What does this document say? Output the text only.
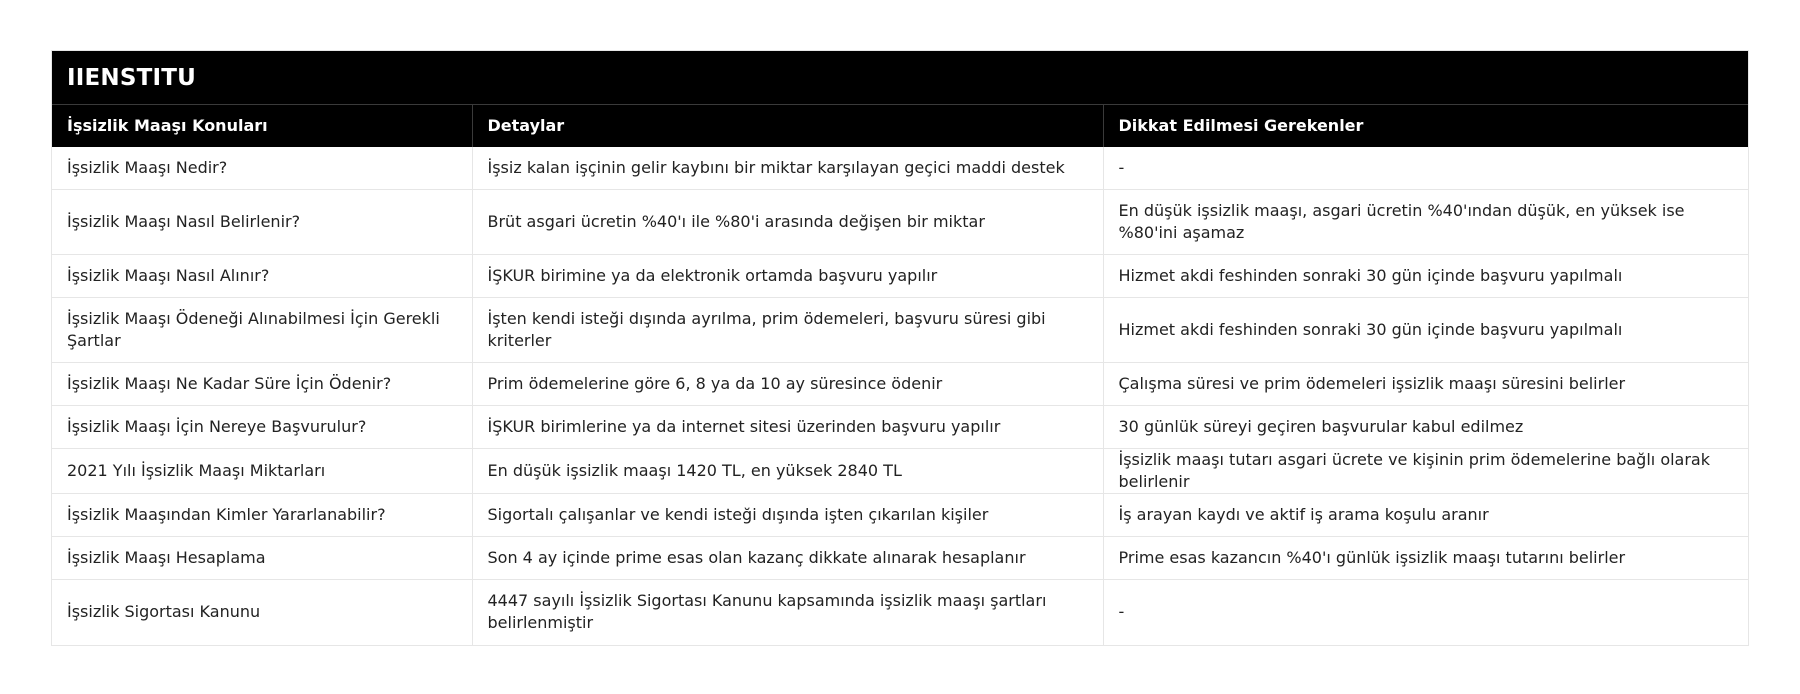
IIENSTITU
İşsizlik Maaşı Konuları	Detaylar	Dikkat Edilmesi Gerekenler
İşsizlik Maaşı Nedir?	İşsiz kalan işçinin gelir kaybını bir miktar karşılayan geçici maddi destek	-
İşsizlik Maaşı Nasıl Belirlenir?	Brüt asgari ücretin %40'ı ile %80'i arasında değişen bir miktar	En düşük işsizlik maaşı, asgari ücretin %40'ından düşük, en yüksek ise %80'ini aşamaz
İşsizlik Maaşı Nasıl Alınır?	İŞKUR birimine ya da elektronik ortamda başvuru yapılır	Hizmet akdi feshinden sonraki 30 gün içinde başvuru yapılmalı
İşsizlik Maaşı Ödeneği Alınabilmesi İçin Gerekli Şartlar	İşten kendi isteği dışında ayrılma, prim ödemeleri, başvuru süresi gibi kriterler	Hizmet akdi feshinden sonraki 30 gün içinde başvuru yapılmalı
İşsizlik Maaşı Ne Kadar Süre İçin Ödenir?	Prim ödemelerine göre 6, 8 ya da 10 ay süresince ödenir	Çalışma süresi ve prim ödemeleri işsizlik maaşı süresini belirler
İşsizlik Maaşı İçin Nereye Başvurulur?	İŞKUR birimlerine ya da internet sitesi üzerinden başvuru yapılır	30 günlük süreyi geçiren başvurular kabul edilmez
2021 Yılı İşsizlik Maaşı Miktarları	En düşük işsizlik maaşı 1420 TL, en yüksek 2840 TL	İşsizlik maaşı tutarı asgari ücrete ve kişinin prim ödemelerine bağlı olarak belirlenir
İşsizlik Maaşından Kimler Yararlanabilir?	Sigortalı çalışanlar ve kendi isteği dışında işten çıkarılan kişiler	İş arayan kaydı ve aktif iş arama koşulu aranır
İşsizlik Maaşı Hesaplama	Son 4 ay içinde prime esas olan kazanç dikkate alınarak hesaplanır	Prime esas kazancın %40'ı günlük işsizlik maaşı tutarını belirler
İşsizlik Sigortası Kanunu	4447 sayılı İşsizlik Sigortası Kanunu kapsamında işsizlik maaşı şartları belirlenmiştir	-
